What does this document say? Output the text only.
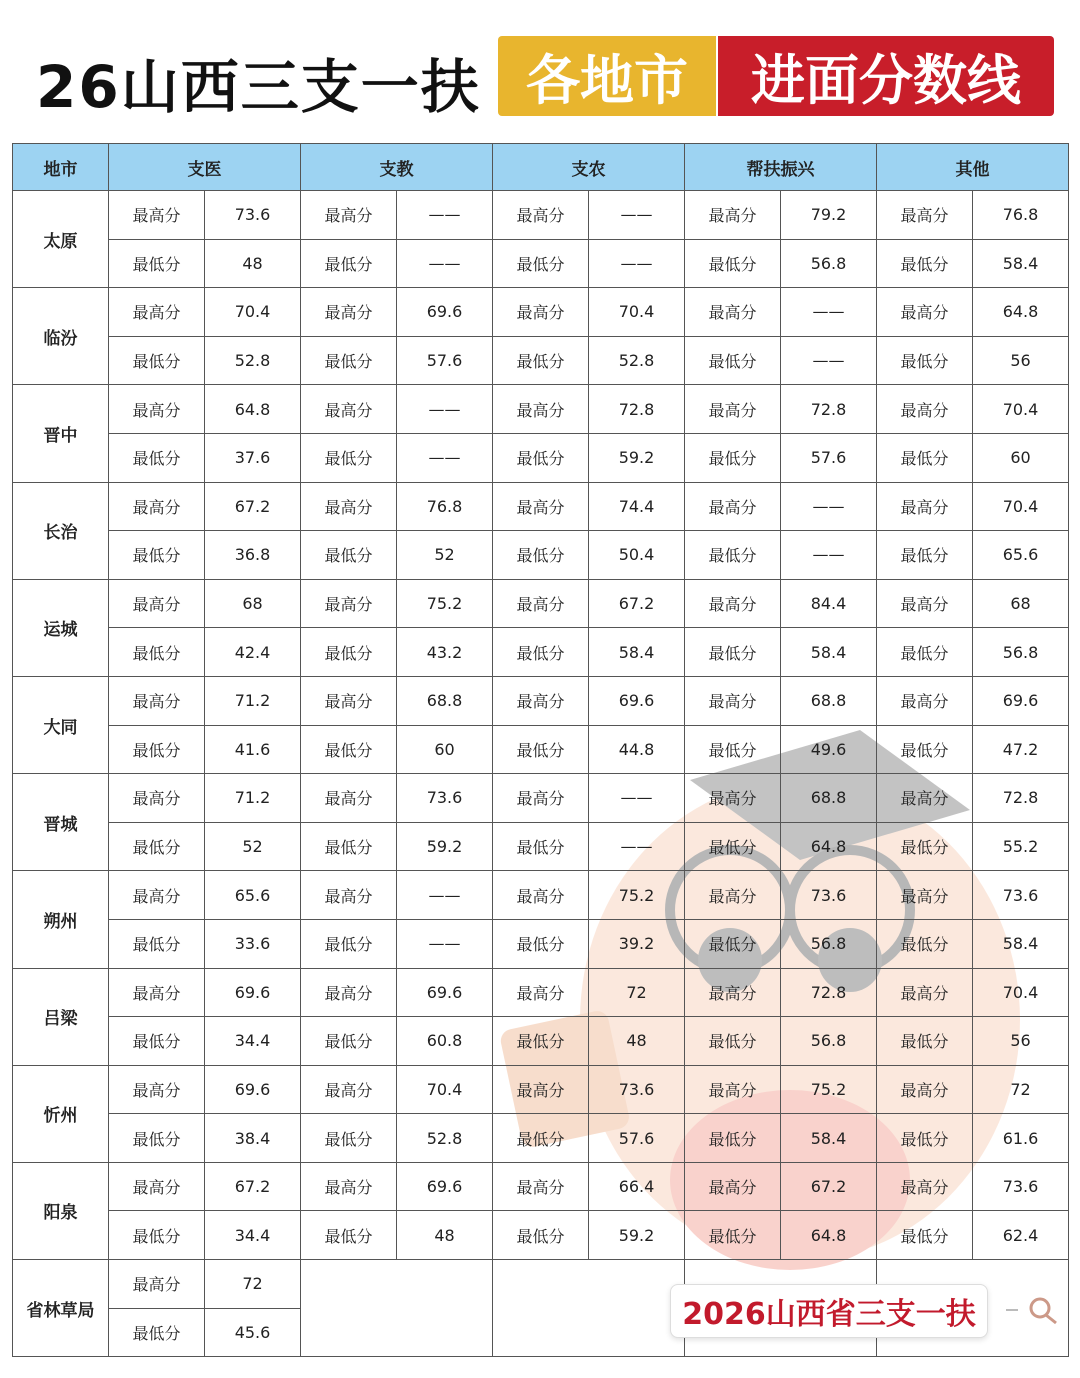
26山西三支一扶 各地市	进面分数线
地市	支医		支教		支农		帮扶振兴		其他	
太原	最高分	73.6	最高分	——	最高分	——	最高分	79.2	最高分	76.8
	最低分	48	最低分	——	最低分	——	最低分	56.8	最低分	58.4
临汾	最高分	70.4	最高分	69.6	最高分	70.4	最高分	——	最高分	64.8
	最低分	52.8	最低分	57.6	最低分	52.8	最低分	——	最低分	56
晋中	最高分	64.8	最高分	——	最高分	72.8	最高分	72.8	最高分	70.4
	最低分	37.6	最低分	——	最低分	59.2	最低分	57.6	最低分	60
长治	最高分	67.2	最高分	76.8	最高分	74.4	最高分	——	最高分	70.4
	最低分	36.8	最低分	52	最低分	50.4	最低分	——	最低分	65.6
运城	最高分	68	最高分	75.2	最高分	67.2	最高分	84.4	最高分	68
	最低分	42.4	最低分	43.2	最低分	58.4	最低分	58.4	最低分	56.8
大同	最高分	71.2	最高分	68.8	最高分	69.6	最高分	68.8	最高分	69.6
	最低分	41.6	最低分	60	最低分	44.8	最低分	49.6	最低分	47.2
晋城	最高分	71.2	最高分	73.6	最高分	——	最高分	68.8	最高分	72.8
	最低分	52	最低分	59.2	最低分	——	最低分	64.8	最低分	55.2
朔州	最高分	65.6	最高分	——	最高分	75.2	最高分	73.6	最高分	73.6
	最低分	33.6	最低分	——	最低分	39.2	最低分	56.8	最低分	58.4
吕梁	最高分	69.6	最高分	69.6	最高分	72	最高分	72.8	最高分	70.4
	最低分	34.4	最低分	60.8	最低分	48	最低分	56.8	最低分	56
忻州	最高分	69.6	最高分	70.4	最高分	73.6	最高分	75.2	最高分	72
	最低分	38.4	最低分	52.8	最低分	57.6	最低分	58.4	最低分	61.6
阳泉	最高分	67.2	最高分	69.6	最高分	66.4	最高分	67.2	最高分	73.6
	最低分	34.4	最低分	48	最低分	59.2	最低分	64.8	最低分	62.4
省林草局	最高分	72								
	最低分	45.6								
2026山西省三支一扶
